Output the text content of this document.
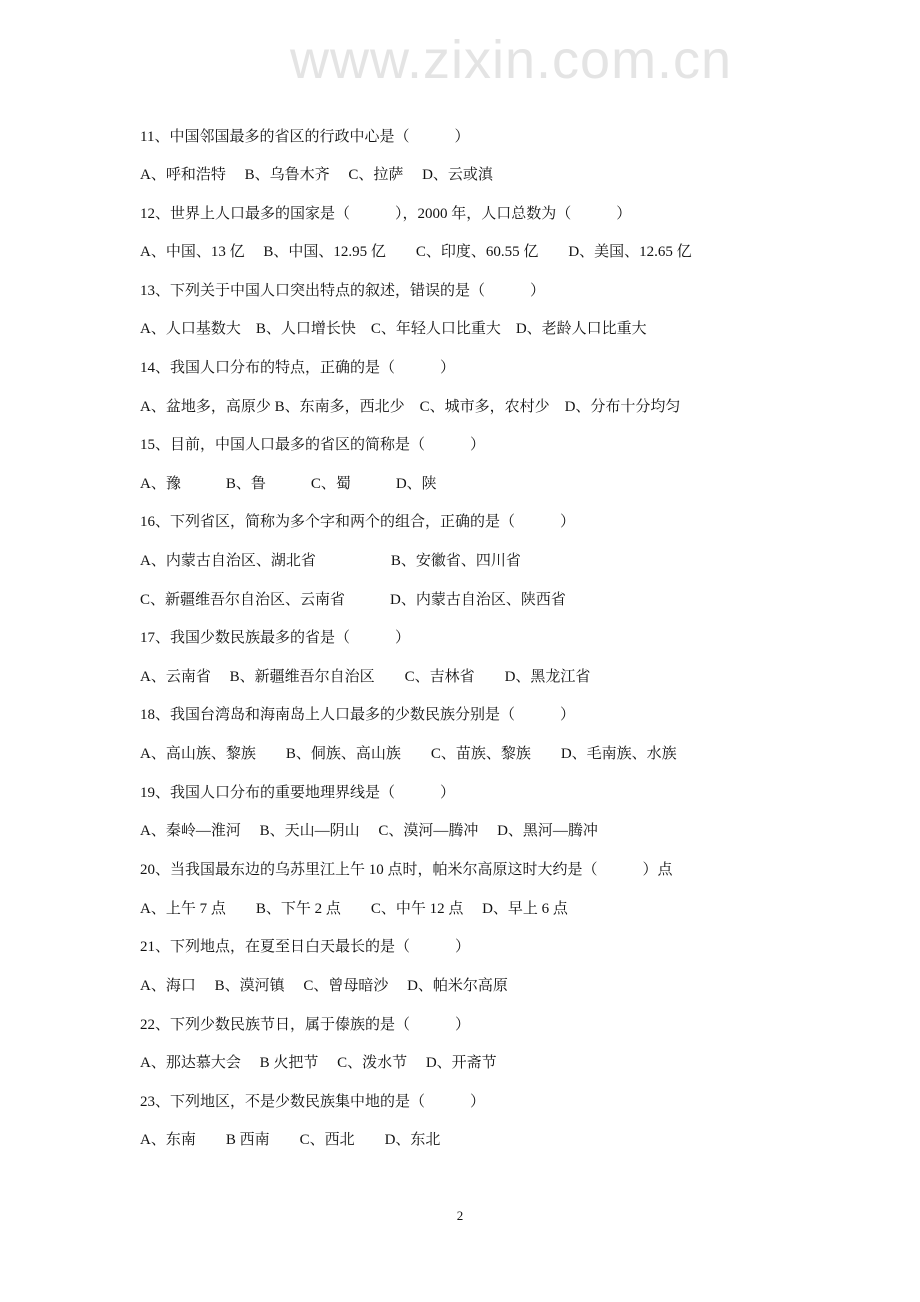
www.zixin.com.cn
11、中国邻国最多的省区的行政中心是（　　　）
A、呼和浩特　 B、乌鲁木齐　 C、拉萨　 D、云或滇
12、世界上人口最多的国家是（　　　），2000 年，人口总数为（　　　）
A、中国、13 亿　 B、中国、12.95 亿　　C、印度、60.55 亿　　D、美国、12.65 亿
13、下列关于中国人口突出特点的叙述，错误的是（　　　）
A、人口基数大　B、人口增长快　C、年轻人口比重大　D、老龄人口比重大
14、我国人口分布的特点，正确的是（　　　）
A、盆地多，高原少 B、东南多，西北少　C、城市多，农村少　D、分布十分均匀
15、目前，中国人口最多的省区的简称是（　　　）
A、豫　　　B、鲁　　　C、蜀　　　D、陕
16、下列省区，简称为多个字和两个的组合，正确的是（　　　）
A、内蒙古自治区、湖北省　　　　　B、安徽省、四川省
C、新疆维吾尔自治区、云南省　　　D、内蒙古自治区、陕西省
17、我国少数民族最多的省是（　　　）
A、云南省　 B、新疆维吾尔自治区　　C、吉林省　　D、黑龙江省
18、我国台湾岛和海南岛上人口最多的少数民族分别是（　　　）
A、高山族、黎族　　B、侗族、高山族　　C、苗族、黎族　　D、毛南族、水族
19、我国人口分布的重要地理界线是（　　　）
A、秦岭—淮河　 B、天山—阴山　 C、漠河—腾冲　 D、黑河—腾冲
20、当我国最东边的乌苏里江上午 10 点时，帕米尔高原这时大约是（　　　）点
A、上午 7 点　　B、下午 2 点　　C、中午 12 点　 D、早上 6 点
21、下列地点，在夏至日白天最长的是（　　　）
A、海口　 B、漠河镇　 C、曾母暗沙　 D、帕米尔高原
22、下列少数民族节日，属于傣族的是（　　　）
A、那达慕大会　 B 火把节　 C、泼水节　 D、开斋节
23、下列地区，不是少数民族集中地的是（　　　）
A、东南　　B 西南　　C、西北　　D、东北
2
